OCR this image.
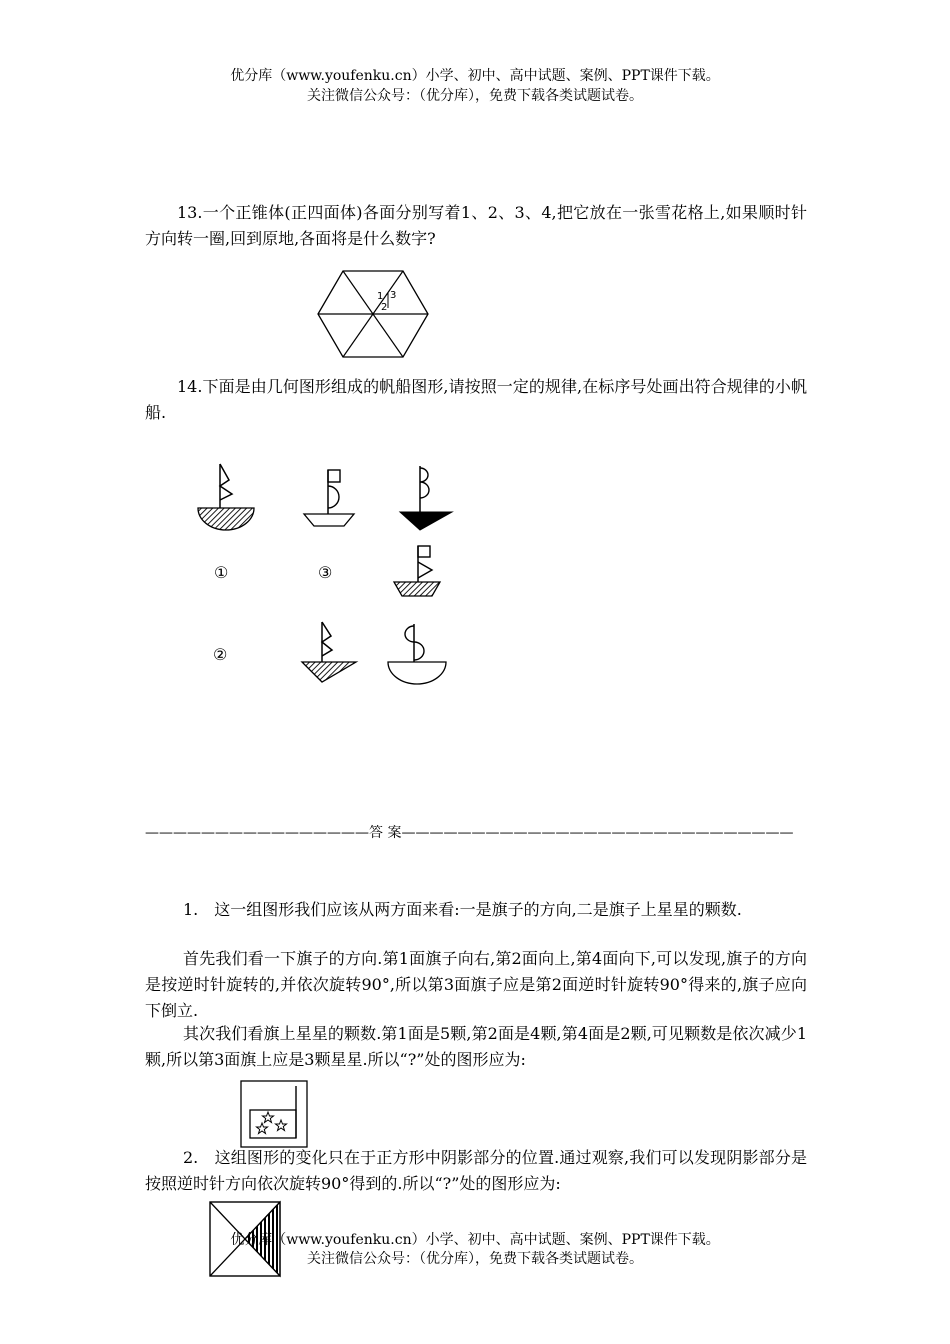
优分库（www.youfenku.cn）小学、初中、高中试题、案例、PPT课件下载。
关注微信公众号：（优分库），免费下载各类试题试卷。

13.一个正锥体(正四面体)各面分别写着1、2、3、4,把它放在一张雪花格上,如果顺时针方向转一圈,回到原地,各面将是什么数字?

1 3
2

14.下面是由几何图形组成的帆船图形,请按照一定的规律,在标序号处画出符合规律的小帆船.

①	③
②
————————————————答 案————————————————————————————

1.　这一组图形我们应该从两方面来看:一是旗子的方向,二是旗子上星星的颗数.

首先我们看一下旗子的方向.第1面旗子向右,第2面向上,第4面向下,可以发现,旗子的方向是按逆时针旋转的,并依次旋转90°,所以第3面旗子应是第2面逆时针旋转90°得来的,旗子应向下倒立.

其次我们看旗上星星的颗数.第1面是5颗,第2面是4颗,第4面是2颗,可见颗数是依次减少1颗,所以第3面旗上应是3颗星星.所以“?”处的图形应为:

2.　这组图形的变化只在于正方形中阴影部分的位置.通过观察,我们可以发现阴影部分是按照逆时针方向依次旋转90°得到的.所以“?”处的图形应为:

优分库（www.youfenku.cn）小学、初中、高中试题、案例、PPT课件下载。
关注微信公众号：（优分库），免费下载各类试题试卷。
